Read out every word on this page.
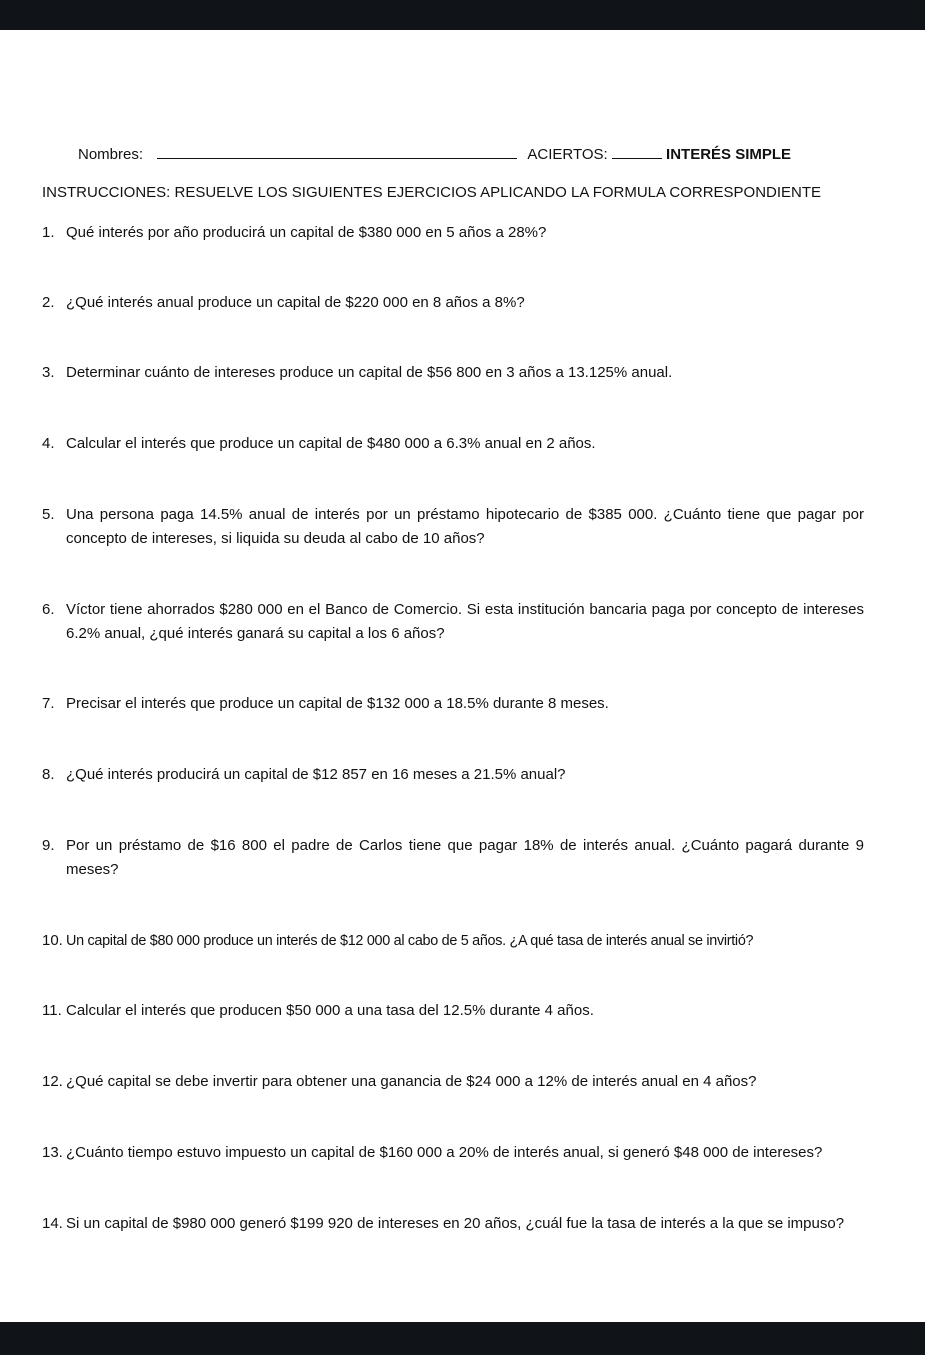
Nombres:	ACIERTOS:	INTERÉS SIMPLE
INSTRUCCIONES: RESUELVE LOS SIGUIENTES EJERCICIOS APLICANDO LA FORMULA CORRESPONDIENTE
1. Qué interés por año producirá un capital de $380 000 en 5 años a 28%?
2. ¿Qué interés anual produce un capital de $220 000 en 8 años a 8%?
3. Determinar cuánto de intereses produce un capital de $56 800 en 3 años a 13.125% anual.
4. Calcular el interés que produce un capital de $480 000 a 6.3% anual en 2 años.
5. Una persona paga 14.5% anual de interés por un préstamo hipotecario de $385 000. ¿Cuánto tiene que pagar por concepto de intereses, si liquida su deuda al cabo de 10 años?
6. Víctor tiene ahorrados $280 000 en el Banco de Comercio. Si esta institución bancaria paga por concepto de intereses 6.2% anual, ¿qué interés ganará su capital a los 6 años?
7. Precisar el interés que produce un capital de $132 000 a 18.5% durante 8 meses.
8. ¿Qué interés producirá un capital de $12 857 en 16 meses a 21.5% anual?
9. Por un préstamo de $16 800 el padre de Carlos tiene que pagar 18% de interés anual. ¿Cuánto pagará durante 9 meses?
10. Un capital de $80 000 produce un interés de $12 000 al cabo de 5 años. ¿A qué tasa de interés anual se invirtió?
11. Calcular el interés que producen $50 000 a una tasa del 12.5% durante 4 años.
12. ¿Qué capital se debe invertir para obtener una ganancia de $24 000 a 12% de interés anual en 4 años?
13. ¿Cuánto tiempo estuvo impuesto un capital de $160 000 a 20% de interés anual, si generó $48 000 de intereses?
14. Si un capital de $980 000 generó $199 920 de intereses en 20 años, ¿cuál fue la tasa de interés a la que se impuso?
